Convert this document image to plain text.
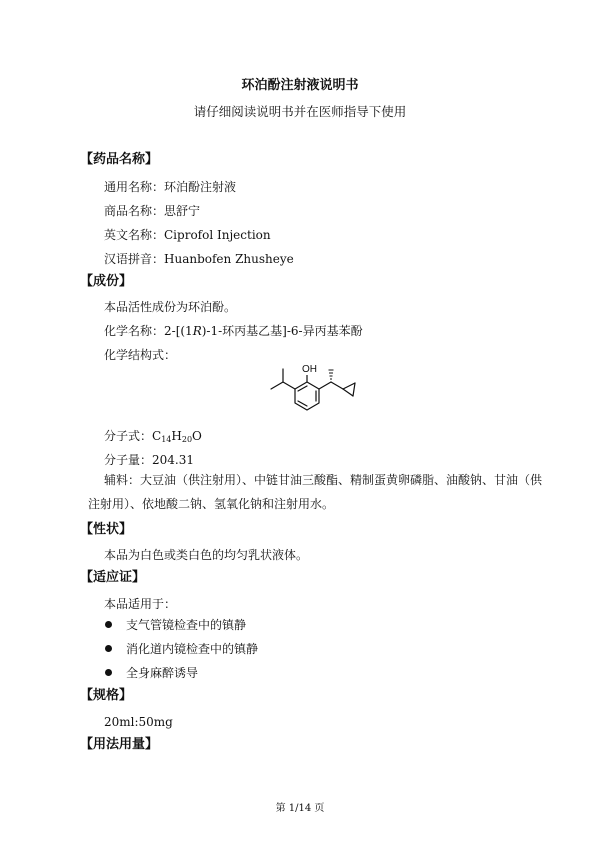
环泊酚注射液说明书
请仔细阅读说明书并在医师指导下使用
【药品名称】
通用名称：环泊酚注射液
商品名称：思舒宁
英文名称：Ciprofol Injection
汉语拼音：Huanbofen Zhusheye
【成份】
本品活性成份为环泊酚。
化学名称：2-[(1R)-1-环丙基乙基]-6-异丙基苯酚
化学结构式：
OH
分子式：$C_{14}H_{20}O$
分子量：204.31
辅料：大豆油（供注射用）、中链甘油三酸酯、精制蛋黄卵磷脂、油酸钠、甘油（供注射用）、依地酸二钠、氢氧化钠和注射用水。
【性状】
本品为白色或类白色的均匀乳状液体。
【适应证】
本品适用于：
支气管镜检查中的镇静
消化道内镜检查中的镇静
全身麻醉诱导
【规格】
20ml:50mg
【用法用量】
第 1/14 页
